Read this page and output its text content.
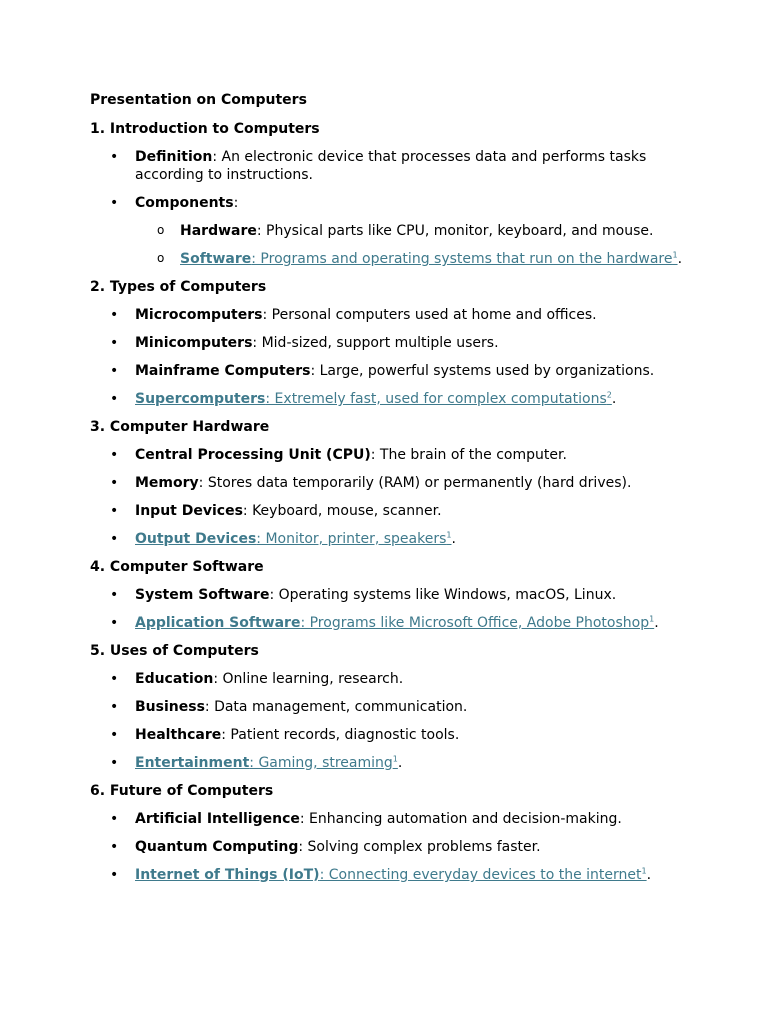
Presentation on Computers
1. Introduction to Computers
• Definition: An electronic device that processes data and performs tasks according to instructions.
• Components:
o Hardware: Physical parts like CPU, monitor, keyboard, and mouse.
o Software: Programs and operating systems that run on the hardware$^1$.
2. Types of Computers
• Microcomputers: Personal computers used at home and offices.
• Minicomputers: Mid-sized, support multiple users.
• Mainframe Computers: Large, powerful systems used by organizations.
• Supercomputers: Extremely fast, used for complex computations$^2$.
3. Computer Hardware
• Central Processing Unit (CPU): The brain of the computer.
• Memory: Stores data temporarily (RAM) or permanently (hard drives).
• Input Devices: Keyboard, mouse, scanner.
• Output Devices: Monitor, printer, speakers$^1$.
4. Computer Software
• System Software: Operating systems like Windows, macOS, Linux.
• Application Software: Programs like Microsoft Office, Adobe Photoshop$^1$.
5. Uses of Computers
• Education: Online learning, research.
• Business: Data management, communication.
• Healthcare: Patient records, diagnostic tools.
• Entertainment: Gaming, streaming$^1$.
6. Future of Computers
• Artificial Intelligence: Enhancing automation and decision-making.
• Quantum Computing: Solving complex problems faster.
• Internet of Things (IoT): Connecting everyday devices to the internet$^1$.
